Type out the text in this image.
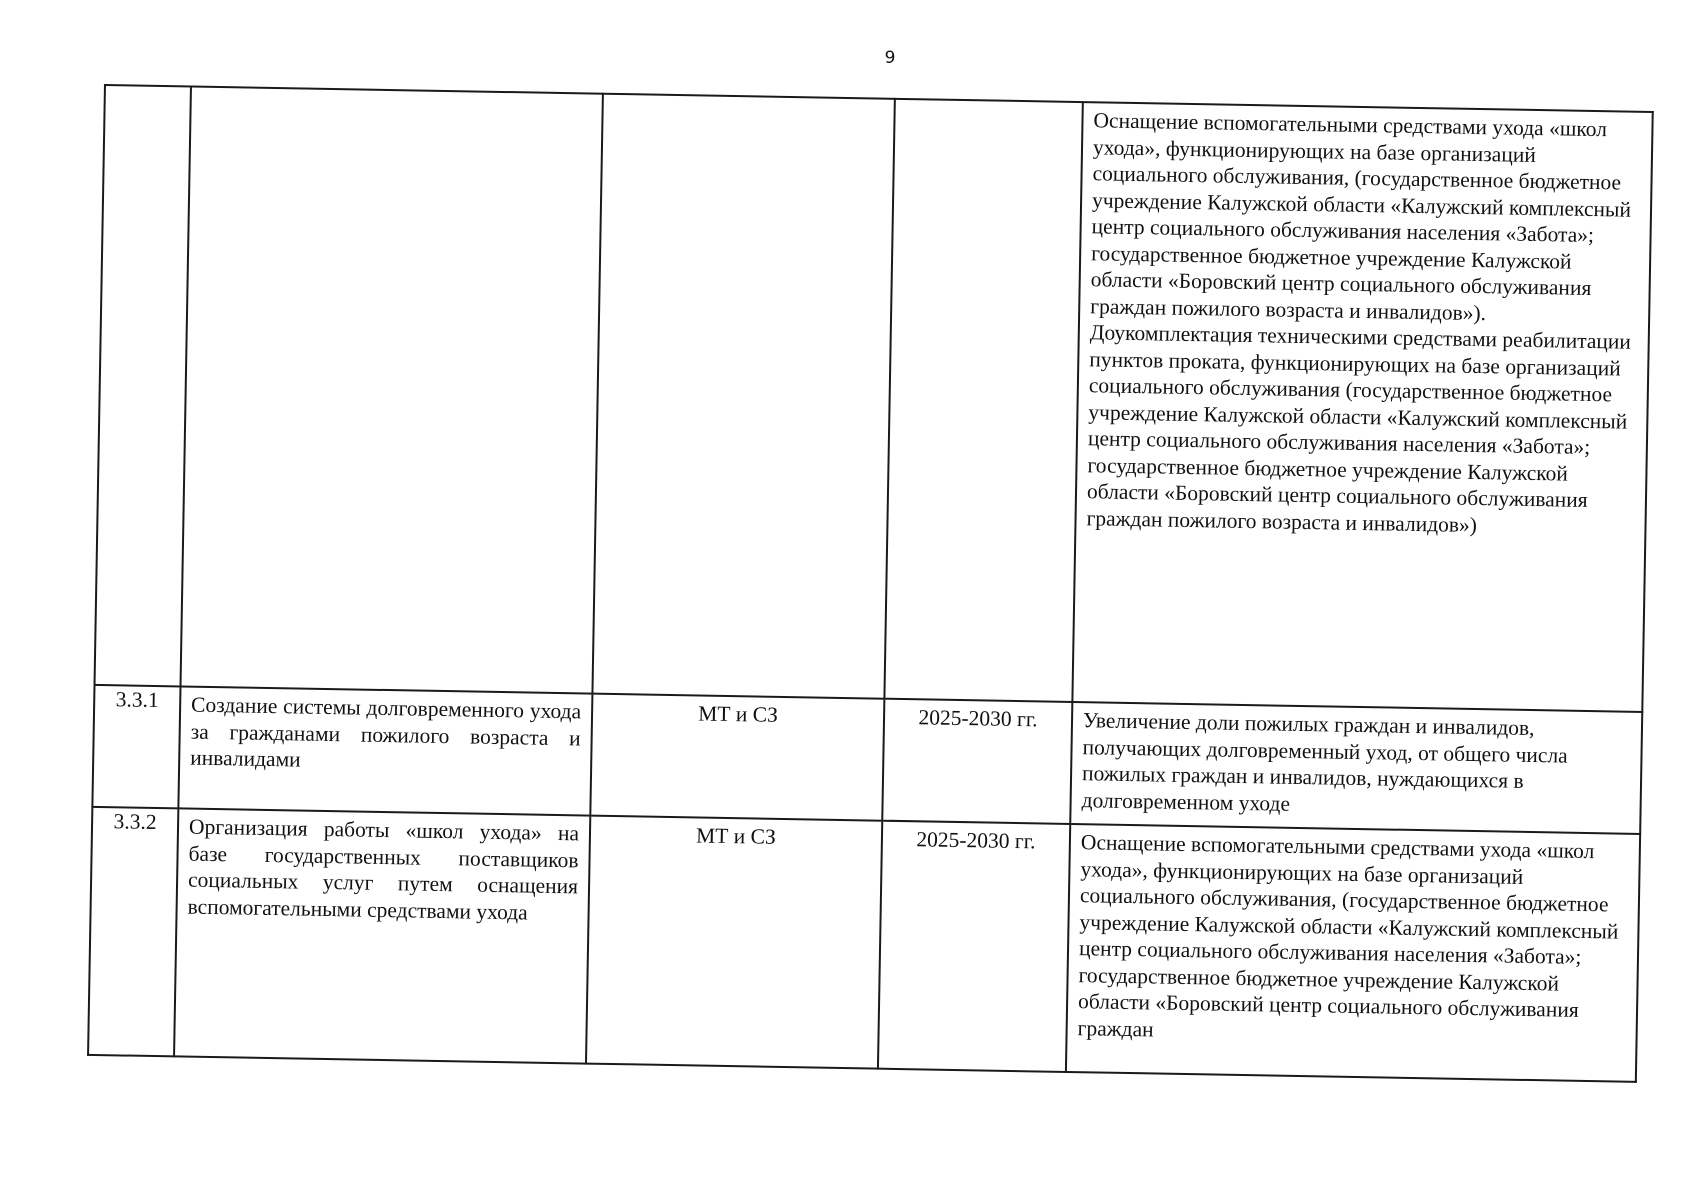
9
				Оснащение вспомогательными средствами ухода «школ ухода», функционирующих на базе организаций социального обслуживания, (государственное бюджетное учреждение Калужской области «Калужский комплексный центр социального обслуживания населения «Забота»; государственное бюджетное учреждение Калужской области «Боровский центр социального обслуживания граждан пожилого возраста и инвалидов»). Доукомплектация техническими средствами реабилитации пунктов проката, функционирующих на базе организаций социального обслуживания (государственное бюджетное учреждение Калужской области «Калужский комплексный центр социального обслуживания населения «Забота»; государственное бюджетное учреждение Калужской области «Боровский центр социального обслуживания граждан пожилого возраста и инвалидов»)
3.3.1	Создание системы долговременного ухода за гражданами пожилого возраста и инвалидами	МТ и СЗ	2025-2030 гг.	Увеличение доли пожилых граждан и инвалидов, получающих долговременный уход, от общего числа пожилых граждан и инвалидов, нуждающихся в долговременном уходе
3.3.2	Организация работы «школ ухода» на базе государственных поставщиков социальных услуг путем оснащения вспомогательными средствами ухода	МТ и СЗ	2025-2030 гг.	Оснащение вспомогательными средствами ухода «школ ухода», функционирующих на базе организаций социального обслуживания, (государственное бюджетное учреждение Калужской области «Калужский комплексный центр социального обслуживания населения «Забота»; государственное бюджетное учреждение Калужской области «Боровский центр социального обслуживания граждан
